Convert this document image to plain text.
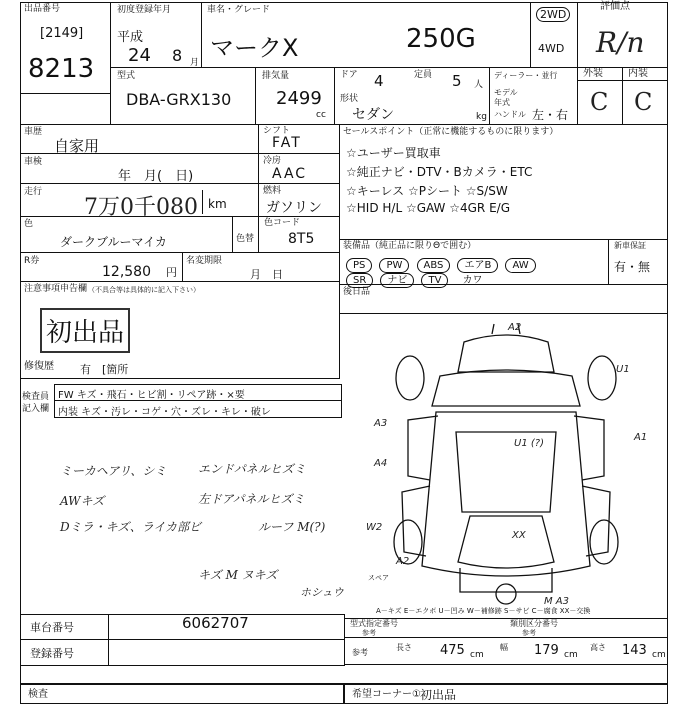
出品番号
[2149]
8213
初度登録年月
平成
24 8 月
車名・グレード
マークX	250G
2WD
4WD
評価点
R/n
型式
DBA-GRX130
排気量
2499
cc
ドア 4	定員 5 人
形状
セダン	kg
ディーラー・並行
モデル年式
ハンドル 左・右
外装	内装
C C
車歴
自家用
車検
年　月(　日)
走行
7万0千080 km
シフト
FAT
冷房
AAC
燃料
ガソリン
色
ダークブルーマイカ
色コード
色替 8T5
R券
12,580 円
名変期限
月　日
セールスポイント（正常に機能するものに限ります）
☆ユーザー買取車
☆純正ナビ・DTV・Bカメラ・ETC
☆キーレス ☆Pシート ☆S/SW
☆HID H/L ☆GAW ☆4GR E/G
装備品（純正品に限りΘで囲む）
PS PW ABS エアB AW
SR ナビ TV カワ
新車保証
有・無
注意事項申告欄 （不具合等は具体的に記入下さい）
初出品
修復歴 有　[箇所
後日品
検査員記入欄
FW キズ・飛石・ヒビ割・リペア跡・×要
内装 キズ・汚レ・コゲ・穴・ズレ・キレ・破レ
ミーカヘアリ、シミ
AWキズ
Dミラ・キズ、ライカ部ビ
エンドパネルヒズミ
左ドアパネルヒズミ
ルーフ M(?)
キズ M ヌキズ
ホシュウ
A2
U1
A1
A3
A4
W2
U1 (?)
XX
A2
M A3
スペア
A－キズ E－エクボ U－凹み W－補修跡 S－サビ C－腐食 XX－交換
車台番号	6062707
登録番号
型式指定番号
参考
類別区分番号
参考
参考
長さ 475 cm
幅 179 cm
高さ 143 cm
検査	希望コーナー① 初出品
